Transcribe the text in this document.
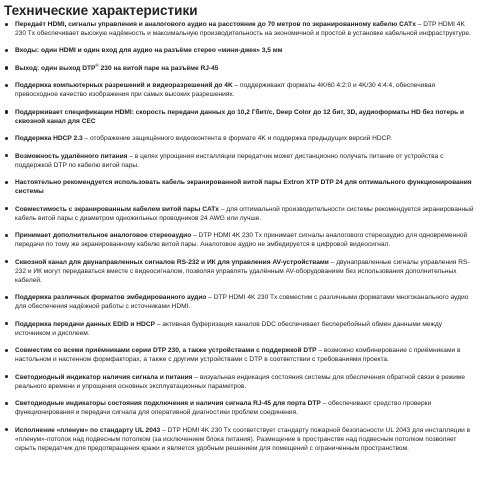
Технические характеристики
Передаёт HDMI, сигналы управления и аналогового аудио на расстояние до 70 метров по экранированному кабелю CATx – DTP HDMI 4K 230 Tx обеспечивает высокую надёжность и максимальную производительность на экономичной и простой в установке кабельной инфраструктуре.
Входы: один HDMI и один вход для аудио на разъёме стерео «мини-джек» 3,5 мм
Выход: один выход DTP® 230 на витой паре на разъёме RJ-45
Поддержка компьютерных разрешений и видеоразрешений до 4K – поддерживают форматы 4K/60 4:2:0 и 4K/30 4:4:4, обеспечивая превосходное качество изображения при самых высоких разрешениях.
Поддерживает спецификации HDMI: скорость передачи данных до 10,2 Гбит/с, Deep Color до 12 бит, 3D, аудиоформаты HD без потерь и сквозной канал для CEC
Поддержка HDCP 2.3 – отображение защищённого видеоконтента в формате 4K и поддержка предыдущих версий HDCP.
Возможность удалённого питания – в целях упрощения инсталляции передатчик может дистанционно получать питание от устройства с поддержкой DTP по кабелю витой пары.
Настоятельно рекомендуется использовать кабель экранированной витой пары Extron XTP DTP 24 для оптимального функционирования системы
Совместимость с экранированным кабелем витой пары CATx – для оптимальной производительности системы рекомендуется экранированный кабель витой пары с диаметром одножильных проводников 24 AWG или лучше.
Принимает дополнительное аналоговое стереоаудио – DTP HDMI 4K 230 Tx принимает сигналы аналогового стереоаудио для одновременной передачи по тому же экранированному кабелю витой пары. Аналоговое аудио не эмбедируется в цифровой видеосигнал.
Сквозной канал для двунаправленных сигналов RS-232 и ИК для управления AV-устройствами – двунаправленные сигналы управления RS-232 и ИК могут передаваться вместе с видеосигналом, позволяя управлять удалённым AV-оборудованием без использования дополнительных кабелей.
Поддержка различных форматов эмбедированного аудио – DTP HDMI 4K 230 Tx совместим с различными форматами многоканального аудио для обеспечения надёжной работы с источниками HDMI.
Поддержка передачи данных EDID и HDCP – активная буферизация каналов DDC обеспечивает бесперебойный обмен данными между источником и дисплеем.
Совместим со всеми приёмниками серии DTP 230, а также устройствами с поддержкой DTP – возможно комбинирование с приёмниками в настольном и настенном формфакторах, а также с другими устройствами с DTP в соответствии с требованиями проекта.
Светодиодный индикатор наличия сигнала и питания – визуальная индикация состояния системы для обеспечения обратной связи в режиме реального времени и упрощения основных эксплуатационных параметров.
Светодиодные индикаторы состояния подключения и наличия сигнала RJ-45 для порта DTP – обеспечивают средство проверки функционирования и передачи сигнала для оперативной диагностики проблем соединения.
Исполнение «пленум» по стандарту UL 2043 – DTP HDMI 4K 230 Tx соответствует стандарту пожарной безопасности UL 2043 для инсталляции в «пленум»-потолок над подвесным потолком (за исключением блока питания). Размещение в пространстве над подвесным потолком позволяет скрыть передатчик для предотвращения кражи и является удобным решением для помещений с ограниченным пространством.
